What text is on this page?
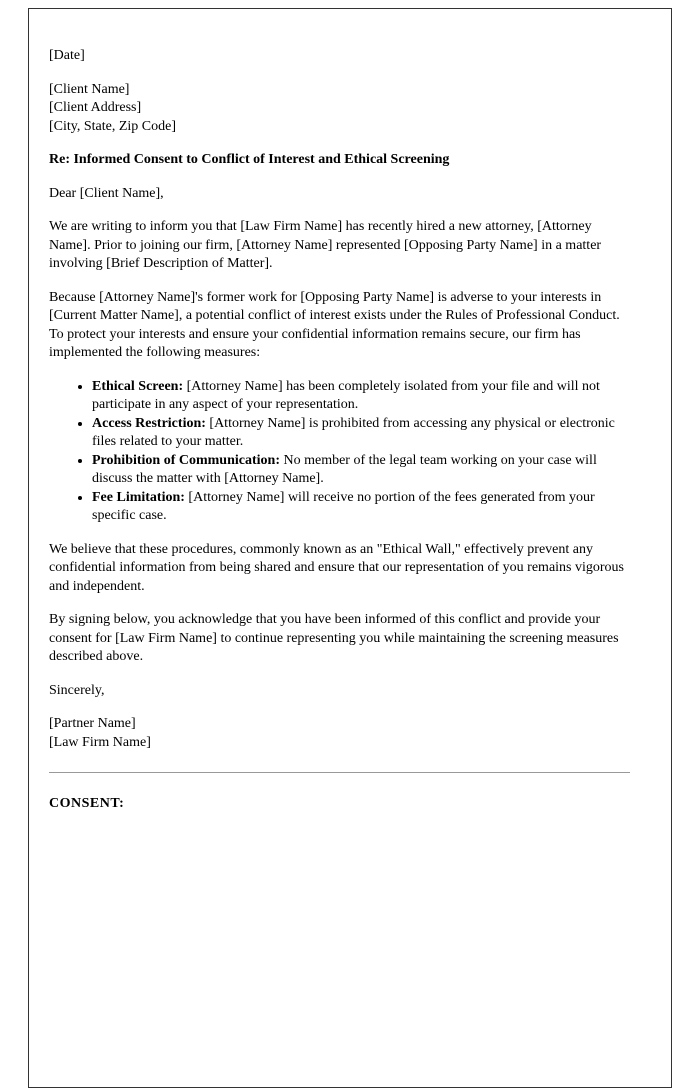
[Date]

[Client Name]

[Client Address]

[City, State, Zip Code]

Re: Informed Consent to Conflict of Interest and Ethical Screening

Dear [Client Name],

We are writing to inform you that [Law Firm Name] has recently hired a new attorney, [Attorney Name]. Prior to joining our firm, [Attorney Name] represented [Opposing Party Name] in a matter involving [Brief Description of Matter].

Because [Attorney Name]'s former work for [Opposing Party Name] is adverse to your interests in [Current Matter Name], a potential conflict of interest exists under the Rules of Professional Conduct. To protect your interests and ensure your confidential information remains secure, our firm has implemented the following measures:

• Ethical Screen: [Attorney Name] has been completely isolated from your file and will not participate in any aspect of your representation.
• Access Restriction: [Attorney Name] is prohibited from accessing any physical or electronic files related to your matter.
• Prohibition of Communication: No member of the legal team working on your case will discuss the matter with [Attorney Name].
• Fee Limitation: [Attorney Name] will receive no portion of the fees generated from your specific case.

We believe that these procedures, commonly known as an "Ethical Wall," effectively prevent any confidential information from being shared and ensure that our representation of you remains vigorous and independent.

By signing below, you acknowledge that you have been informed of this conflict and provide your consent for [Law Firm Name] to continue representing you while maintaining the screening measures described above.

Sincerely,

[Partner Name]

[Law Firm Name]

CONSENT:
